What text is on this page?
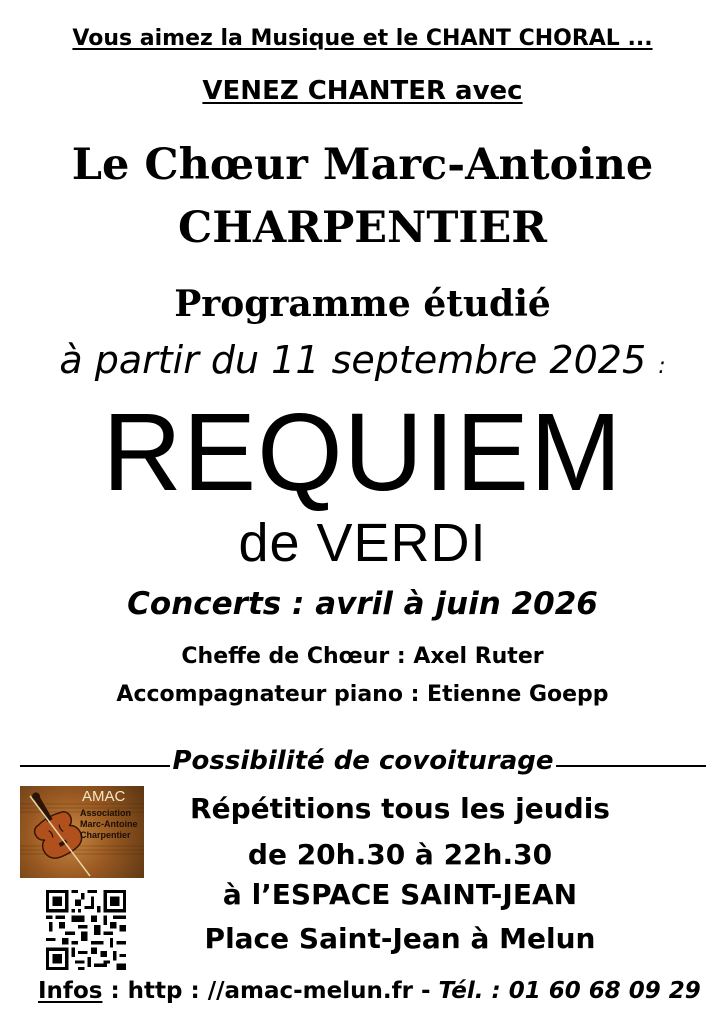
Vous aimez la Musique et le CHANT CHORAL ...
VENEZ CHANTER avec
Le Chœur Marc-Antoine
CHARPENTIER
Programme étudié
à partir du 11 septembre 2025 :
REQUIEM
de VERDI
Concerts : avril à juin 2026
Cheffe de Chœur : Axel Ruter
Accompagnateur piano : Etienne Goepp
Possibilité de covoiturage
AMAC
Association
Marc-Antoine
Charpentier
Répétitions tous les jeudis
de 20h.30 à 22h.30
à l’ESPACE SAINT-JEAN
Place Saint-Jean à Melun
Infos : http : //amac-melun.fr - Tél. : 01 60 68 09 29
